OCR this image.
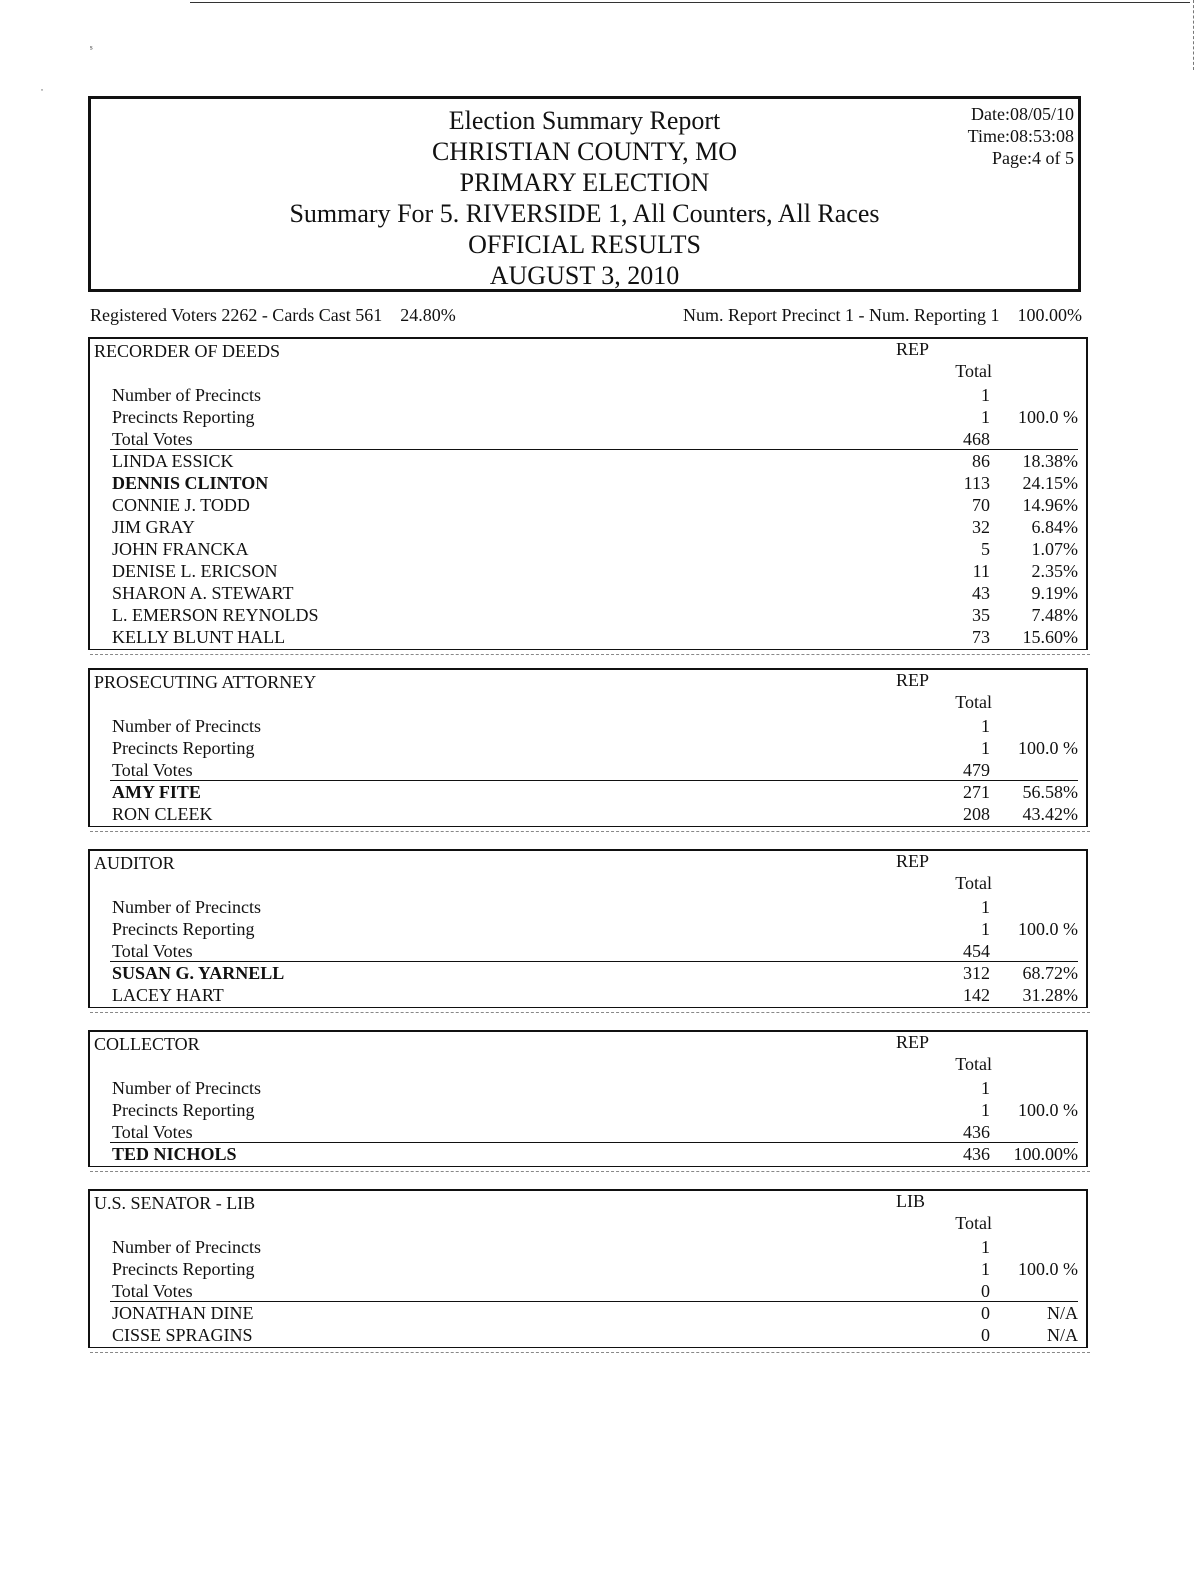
ˢ
˙
Election Summary Report
CHRISTIAN COUNTY, MO
PRIMARY ELECTION
Summary For 5. RIVERSIDE 1, All Counters, All Races
OFFICIAL RESULTS
AUGUST 3, 2010
Date:08/05/10
Time:08:53:08
Page:4 of 5
Registered Voters 2262 - Cards Cast 561    24.80%	Num. Report Precinct 1 - Num. Reporting 1    100.00%
RECORDER OF DEEDS	REP
Total
Number of Precincts	1
Precincts Reporting	1 100.0 %
Total Votes	468
LINDA ESSICK	86 18.38%
DENNIS CLINTON	113 24.15%
CONNIE J. TODD	70 14.96%
JIM GRAY	32 6.84%
JOHN FRANCKA	5 1.07%
DENISE L. ERICSON	11 2.35%
SHARON A. STEWART	43 9.19%
L. EMERSON REYNOLDS	35 7.48%
KELLY BLUNT HALL	73 15.60%
PROSECUTING ATTORNEY	REP
Total
Number of Precincts	1
Precincts Reporting	1 100.0 %
Total Votes	479
AMY FITE	271 56.58%
RON CLEEK	208 43.42%
AUDITOR	REP
Total
Number of Precincts	1
Precincts Reporting	1 100.0 %
Total Votes	454
SUSAN G. YARNELL	312 68.72%
LACEY HART	142 31.28%
COLLECTOR	REP
Total
Number of Precincts	1
Precincts Reporting	1 100.0 %
Total Votes	436
TED NICHOLS	436 100.00%
U.S. SENATOR - LIB	LIB
Total
Number of Precincts	1
Precincts Reporting	1 100.0 %
Total Votes	0
JONATHAN DINE	0	N/A
CISSE SPRAGINS	0	N/A
